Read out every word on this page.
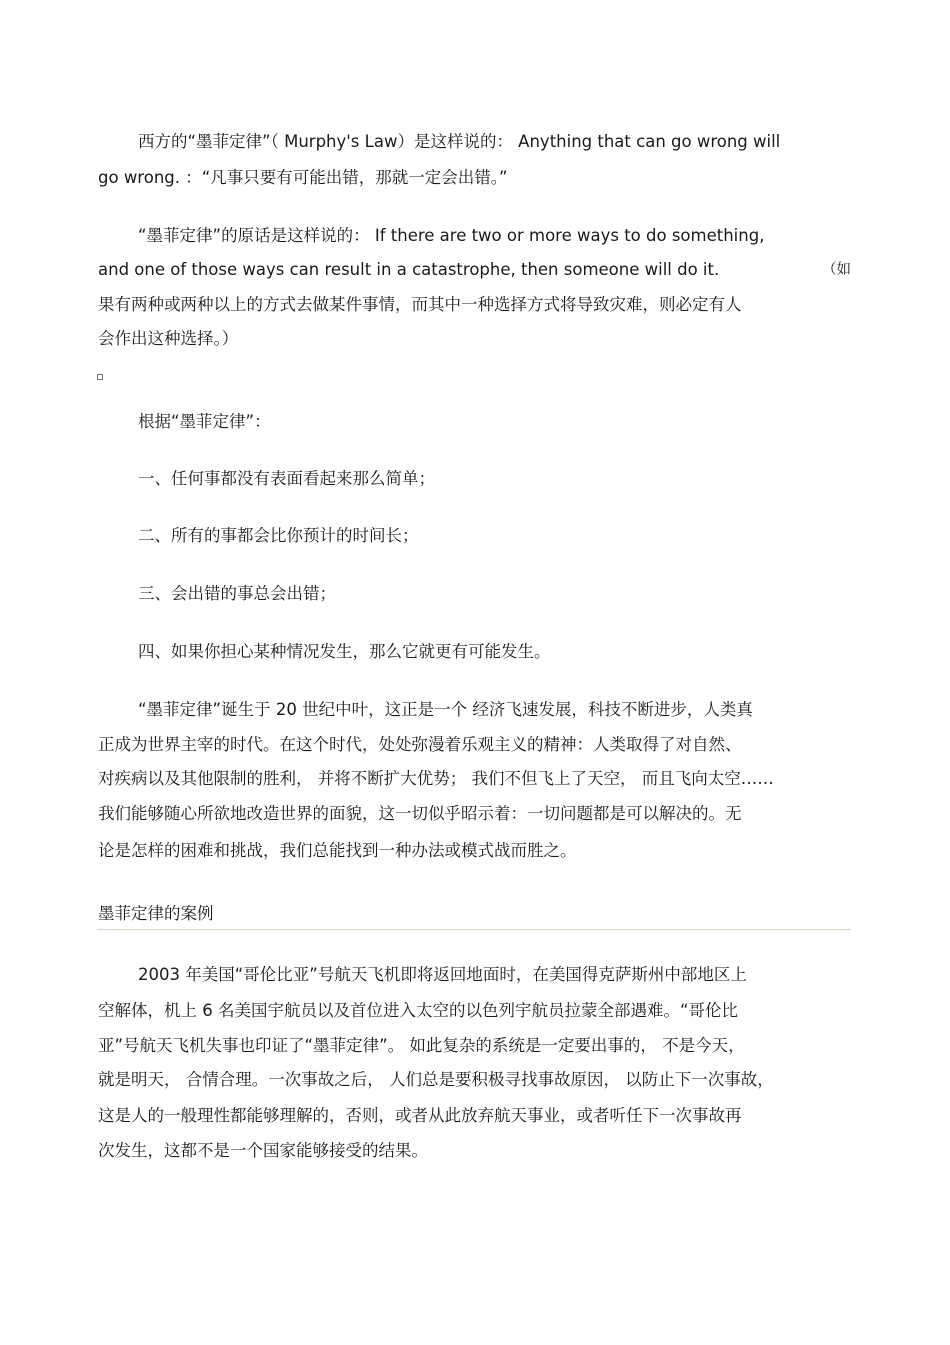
西方的“墨菲定律”（ Murphy's Law）是这样说的： Anything that can go wrong will
go wrong. ：“凡事只要有可能出错，那就一定会出错。”
“墨菲定律”的原话是这样说的： If there are two or more ways to do something,
and one of those ways can result in a catastrophe, then someone will do it.	（如
果有两种或两种以上的方式去做某件事情，而其中一种选择方式将导致灾难，则必定有人
会作出这种选择。）
根据“墨菲定律”：
一、任何事都没有表面看起来那么简单；
二、所有的事都会比你预计的时间长；
三、会出错的事总会出错；
四、如果你担心某种情况发生，那么它就更有可能发生。
“墨菲定律”诞生于 20 世纪中叶，这正是一个 经济飞速发展，科技不断进步，人类真
正成为世界主宰的时代。在这个时代，处处弥漫着乐观主义的精神：人类取得了对自然、
对疾病以及其他限制的胜利， 并将不断扩大优势； 我们不但飞上了天空， 而且飞向太空……
我们能够随心所欲地改造世界的面貌，这一切似乎昭示着：一切问题都是可以解决的。无
论是怎样的困难和挑战，我们总能找到一种办法或模式战而胜之。
墨菲定律的案例
2003 年美国“哥伦比亚”号航天飞机即将返回地面时，在美国得克萨斯州中部地区上
空解体，机上 6 名美国宇航员以及首位进入太空的以色列宇航员拉蒙全部遇难。“哥伦比
亚”号航天飞机失事也印证了“墨菲定律”。 如此复杂的系统是一定要出事的， 不是今天，
就是明天， 合情合理。一次事故之后， 人们总是要积极寻找事故原因， 以防止下一次事故，
这是人的一般理性都能够理解的，否则，或者从此放弃航天事业，或者听任下一次事故再
次发生，这都不是一个国家能够接受的结果。
